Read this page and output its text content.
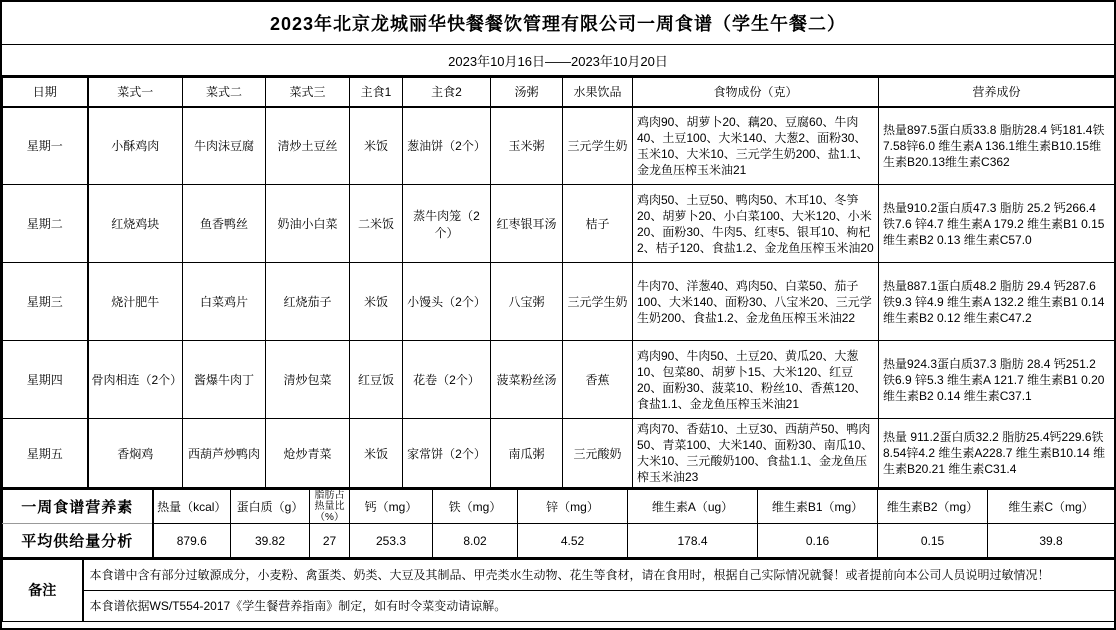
2023年北京龙城丽华快餐餐饮管理有限公司一周食谱（学生午餐二）
2023年10月16日——2023年10月20日
日期	菜式一	菜式二	菜式三	主食1	主食2	汤粥	水果饮品	食物成份（克）	营养成份
星期一	小酥鸡肉	牛肉沫豆腐	清炒土豆丝	米饭	葱油饼（2个）	玉米粥	三元学生奶	鸡肉90、胡萝卜20、藕20、豆腐60、牛肉40、土豆100、大米140、大葱2、面粉30、玉米10、大米10、三元学生奶200、盐1.1、金龙鱼压榨玉米油21	热量897.5蛋白质33.8 脂肪28.4 钙181.4铁7.58锌6.0 维生素A 136.1维生素B10.15维生素B20.13维生素C362
星期二	红烧鸡块	鱼香鸭丝	奶油小白菜	二米饭	蒸牛肉笼（2个）	红枣银耳汤	桔子	鸡肉50、土豆50、鸭肉50、木耳10、冬笋20、胡萝卜20、小白菜100、大米120、小米20、面粉30、牛肉5、红枣5、银耳10、枸杞2、桔子120、食盐1.2、金龙鱼压榨玉米油20	热量910.2蛋白质47.3 脂肪 25.2 钙266.4 铁7.6 锌4.7 维生素A 179.2 维生素B1 0.15 维生素B2 0.13 维生素C57.0
星期三	烧汁肥牛	白菜鸡片	红烧茄子	米饭	小馒头（2个）	八宝粥	三元学生奶	牛肉70、洋葱40、鸡肉50、白菜50、茄子100、大米140、面粉30、八宝米20、三元学生奶200、食盐1.2、金龙鱼压榨玉米油22	热量887.1蛋白质48.2 脂肪 29.4 钙287.6 铁9.3 锌4.9 维生素A 132.2 维生素B1 0.14 维生素B2 0.12 维生素C47.2
星期四	骨肉相连（2个）	酱爆牛肉丁	清炒包菜	红豆饭	花卷（2个）	菠菜粉丝汤	香蕉	鸡肉90、牛肉50、土豆20、黄瓜20、大葱10、包菜80、胡萝卜15、大米120、红豆20、面粉30、菠菜10、粉丝10、香蕉120、食盐1.1、金龙鱼压榨玉米油21	热量924.3蛋白质37.3 脂肪 28.4 钙251.2 铁6.9 锌5.3 维生素A 121.7 维生素B1 0.20 维生素B2 0.14 维生素C37.1
星期五	香焖鸡	西葫芦炒鸭肉	炝炒青菜	米饭	家常饼（2个）	南瓜粥	三元酸奶	鸡肉70、香菇10、土豆30、西葫芦50、鸭肉50、青菜100、大米140、面粉30、南瓜10、大米10、三元酸奶100、食盐1.1、金龙鱼压榨玉米油23	热量 911.2蛋白质32.2 脂肪25.4钙229.6铁8.54锌4.2 维生素A228.7 维生素B10.14 维生素B20.21 维生素C31.4
一周食谱营养素	热量（kcal）	蛋白质（g）	脂肪占热量比（%）	钙（mg）	铁（mg）	锌（mg）	维生素A（ug）	维生素B1（mg）	维生素B2（mg）	维生素C（mg）
平均供给量分析	879.6	39.82	27	253.3	8.02	4.52	178.4	0.16	0.15	39.8
备注	本食谱中含有部分过敏源成分，小麦粉、禽蛋类、奶类、大豆及其制品、甲壳类水生动物、花生等食材，请在食用时，根据自己实际情况就餐！或者提前向本公司人员说明过敏情况！
本食谱依据WS/T554-2017《学生餐营养指南》制定，如有时令菜变动请谅解。
